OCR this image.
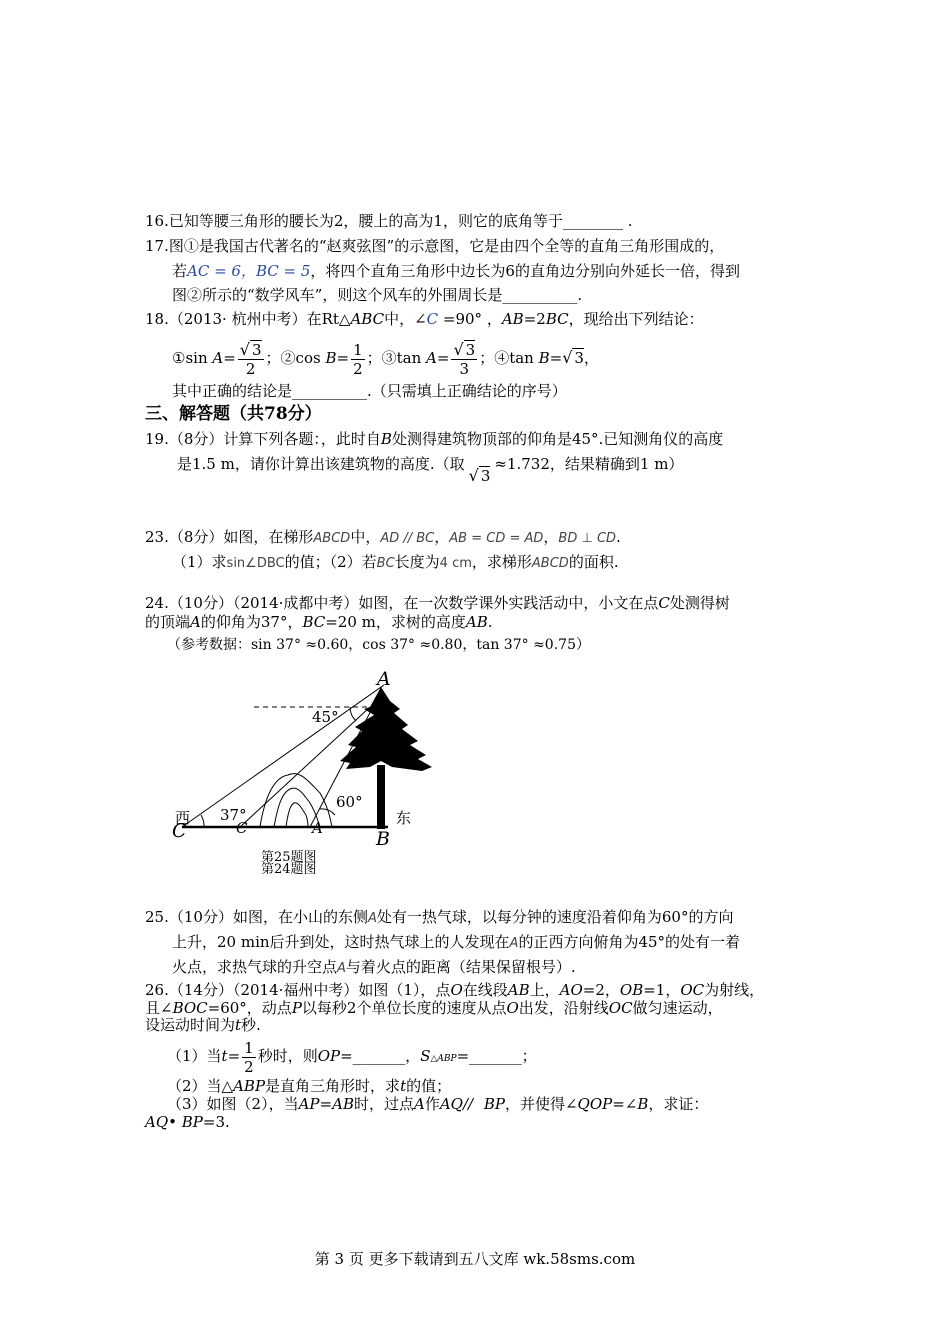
16.已知等腰三角形的腰长为2，腰上的高为1，则它的底角等于________ .
17.图①是我国古代著名的“赵爽弦图”的示意图，它是由四个全等的直角三角形围成的，
若AC = 6，BC = 5，将四个直角三角形中边长为6的直角边分别向外延长一倍，得到
图②所示的“数学风车”，则这个风车的外围周长是__________.
18.（2013· 杭州中考）在Rt△ABC中，∠C =90° ，AB=2BC，现给出下列结论：
①sin $A= \frac{√ 3}{2}$ ；②cos $B= \frac{1}{2}$ ；③tan $A= \frac{√ 3}{3}$ ；④tan B=√ 3，
其中正确的结论是__________.（只需填上正确结论的序号）
三、解答题（共78分）
19.（8分）计算下列各题：，此时自B处测得建筑物顶部的仰角是45°.已知测角仪的高度
是1.5 m，请你计算出该建筑物的高度.（取√ 3≈1.732，结果精确到1 m）
23.（8分）如图，在梯形ABCD中，AD // BC，AB = CD = AD，BD ⊥ CD.
（1）求sin∠DBC的值；（2）若BC长度为4 cm，求梯形ABCD的面积.
24.（10分）（2014·成都中考）如图，在一次数学课外实践活动中，小文在点C处测得树
的顶端A的仰角为37°，BC=20 m，求树的高度AB.
（参考数据：sin 37° ≈0.60，cos 37° ≈0.80，tan 37° ≈0.75）
A
B
C	C	A
西	东
37°
45°
60°
第25题图
第24题图
25.（10分）如图，在小山的东侧A处有一热气球，以每分钟的速度沿着仰角为60°的方向
上升，20 min后升到处，这时热气球上的人发现在A的正西方向俯角为45°的处有一着
火点，求热气球的升空点A与着火点的距离（结果保留根号）.
26.（14分）（2014·福州中考）如图（1），点O在线段AB上，AO=2，OB=1，OC为射线，
且∠BOC=60°，动点P以每秒2个单位长度的速度从点O出发，沿射线OC做匀速运动，
设运动时间为t秒.
（1）当$t= \frac{1}{2}$ 秒时，则OP=_______，S△ABP=_______；
（2）当△ABP是直角三角形时，求t的值；
（3）如图（2），当AP=AB时，过点A作AQ// BP，并使得∠QOP=∠B，求证：
AQ• BP=3.
第 3 页 更多下载请到五八文库 wk.58sms.com
